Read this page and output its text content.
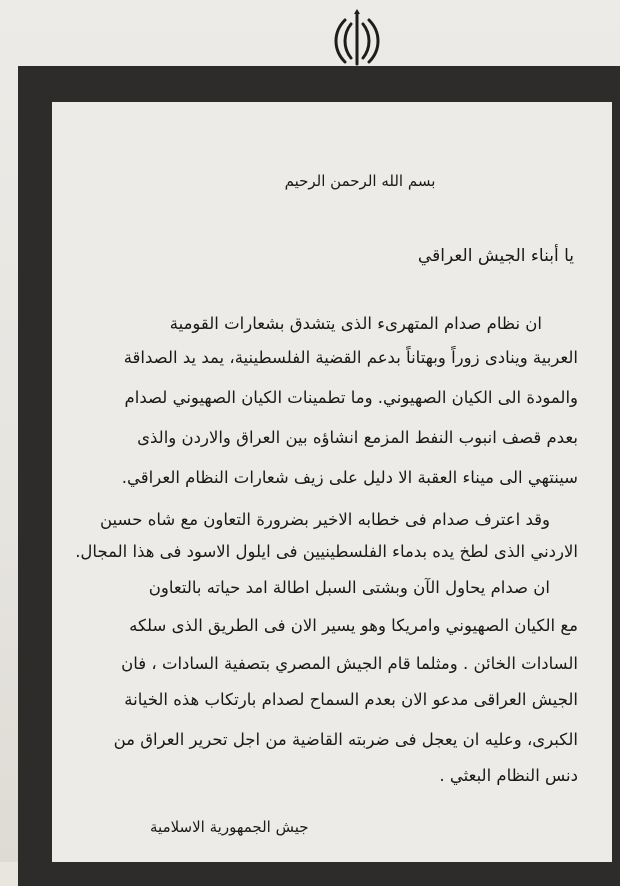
بسم الله الرحمن الرحيم
يا أبناء الجيش العراقي
ان نظام صدام المتهرىء الذى يتشدق بشعارات القومية
العربية وينادى زوراً وبهتاناً بدعم القضية الفلسطينية، يمد يد الصداقة
والمودة الى الكيان الصهيوني. وما تطمينات الكيان الصهيوني لصدام
بعدم قصف انبوب النفط المزمع انشاؤه بين العراق والاردن والذى
سينتهي الى ميناء العقبة الا دليل على زيف شعارات النظام العراقي.
وقد اعترف صدام فى خطابه الاخير بضرورة التعاون مع شاه حسين
الاردني الذى لطخ يده بدماء الفلسطينيين فى ايلول الاسود فى هذا المجال.
ان صدام يحاول الآن وبشتى السبل اطالة امد حياته بالتعاون
مع الكيان الصهيوني وامريكا وهو يسير الان فى الطريق الذى سلكه
السادات الخائن . ومثلما قام الجيش المصري بتصفية السادات ، فان
الجيش العراقى مدعو الان بعدم السماح لصدام بارتكاب هذه الخيانة
الكبرى، وعليه ان يعجل فى ضربته القاضية من اجل تحرير العراق من
دنس النظام البعثي .
جيش الجمهورية الاسلامية
